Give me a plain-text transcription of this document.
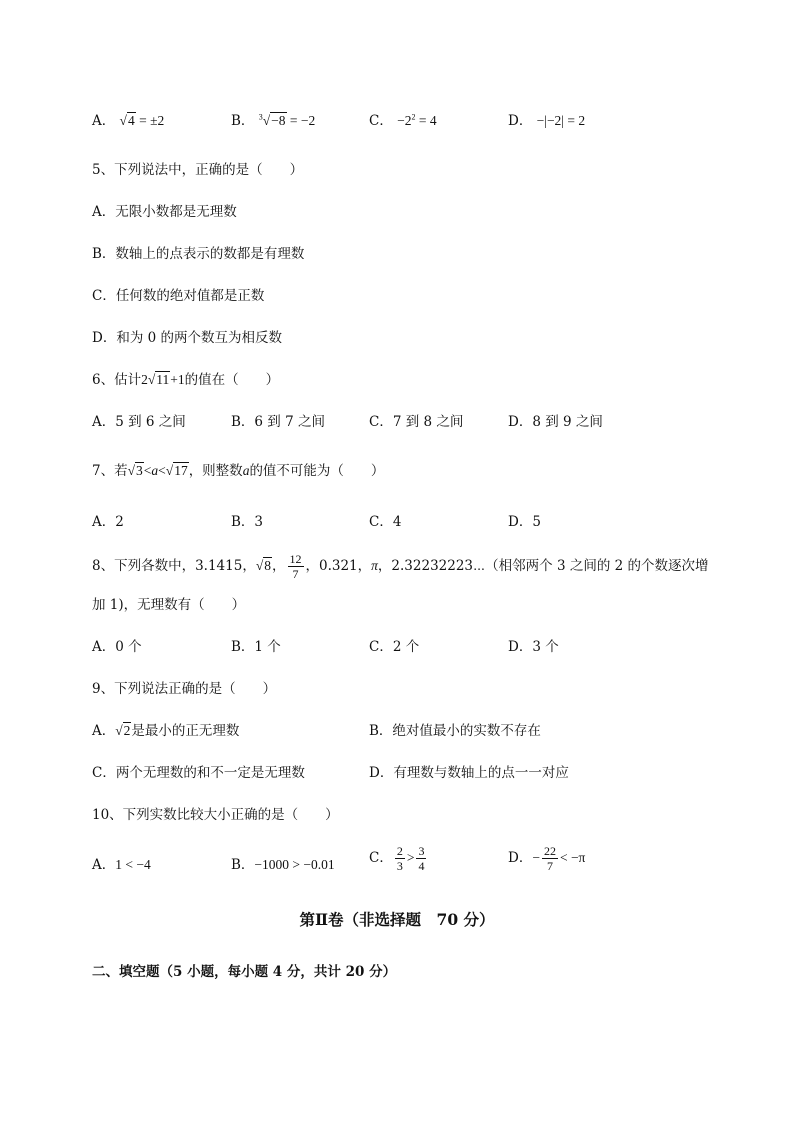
A． √4 = ±2	B． $^3$√−8 = −2	C． $-2^2 = 4$	D． −|−2| = 2
5、下列说法中，正确的是（　　）
A．无限小数都是无理数
B．数轴上的点表示的数都是有理数
C．任何数的绝对值都是正数
D．和为 0 的两个数互为相反数
6、估计2√11+1的值在（　　）
A．5 到 6 之间	B．6 到 7 之间	C．7 到 8 之间	D．8 到 9 之间
7、若√3<a<√17，则整数a的值不可能为（　　）
A．2	B．3	C．4	D．5
8、下列各数中，3.1415，√8， $\frac{12}{7}$ ，0.321，π，2.32232223⋯（相邻两个 3 之间的 2 的个数逐次增
加 1)，无理数有（　　）
A．0 个	B．1 个	C．2 个	D．3 个
9、下列说法正确的是（　　）
A．√2是最小的正无理数	B．绝对值最小的实数不存在
C．两个无理数的和不一定是无理数	D．有理数与数轴上的点一一对应
10、下列实数比较大小正确的是（　　）
A．1 < −4	B．−1000 > −0.01	C． $\frac{2}{3} > \frac{3}{4}$	D．− $\frac{22}{7} < -\pi$
第Ⅱ卷（非选择题　70 分）
二、填空题（5 小题，每小题 4 分，共计 20 分）
